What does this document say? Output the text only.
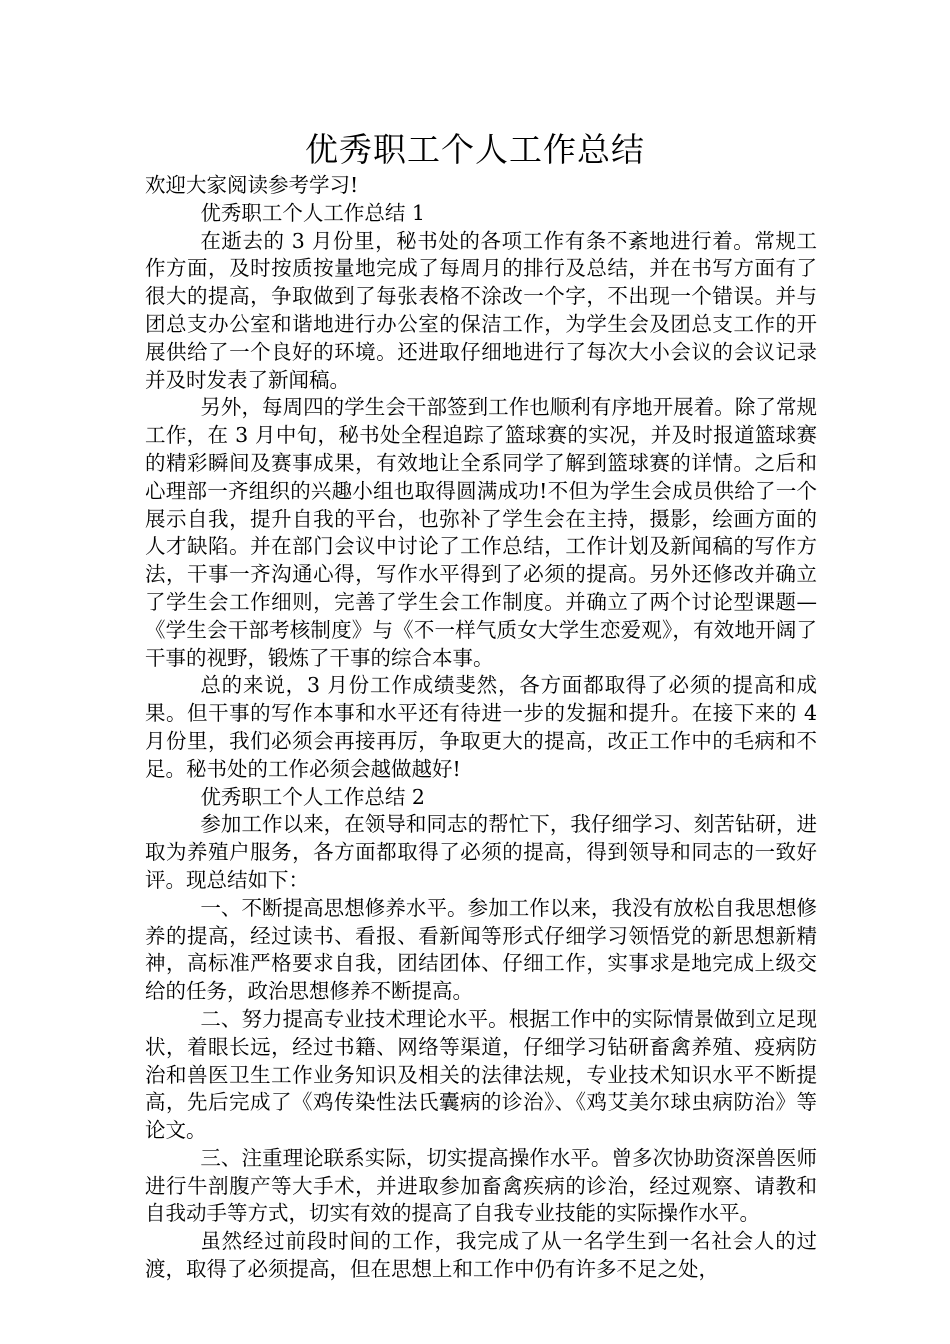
优秀职工个人工作总结

欢迎大家阅读参考学习!

优秀职工个人工作总结 1

在逝去的 3 月份里，秘书处的各项工作有条不紊地进行着。常规工作方面，及时按质按量地完成了每周月的排行及总结，并在书写方面有了很大的提高，争取做到了每张表格不涂改一个字，不出现一个错误。并与团总支办公室和谐地进行办公室的保洁工作，为学生会及团总支工作的开展供给了一个良好的环境。还进取仔细地进行了每次大小会议的会议记录并及时发表了新闻稿。

另外，每周四的学生会干部签到工作也顺利有序地开展着。除了常规工作，在 3 月中旬，秘书处全程追踪了篮球赛的实况，并及时报道篮球赛的精彩瞬间及赛事成果，有效地让全系同学了解到篮球赛的详情。之后和心理部一齐组织的兴趣小组也取得圆满成功!不但为学生会成员供给了一个展示自我，提升自我的平台，也弥补了学生会在主持，摄影，绘画方面的人才缺陷。并在部门会议中讨论了工作总结，工作计划及新闻稿的写作方法，干事一齐沟通心得，写作水平得到了必须的提高。另外还修改并确立了学生会工作细则，完善了学生会工作制度。并确立了两个讨论型课题—《学生会干部考核制度》与《不一样气质女大学生恋爱观》，有效地开阔了干事的视野，锻炼了干事的综合本事。

总的来说，3 月份工作成绩斐然，各方面都取得了必须的提高和成果。但干事的写作本事和水平还有待进一步的发掘和提升。在接下来的 4 月份里，我们必须会再接再厉，争取更大的提高，改正工作中的毛病和不足。秘书处的工作必须会越做越好!

优秀职工个人工作总结 2

参加工作以来，在领导和同志的帮忙下，我仔细学习、刻苦钻研，进取为养殖户服务，各方面都取得了必须的提高，得到领导和同志的一致好评。现总结如下：

一、不断提高思想修养水平。参加工作以来，我没有放松自我思想修养的提高，经过读书、看报、看新闻等形式仔细学习领悟党的新思想新精神，高标准严格要求自我，团结团体、仔细工作，实事求是地完成上级交给的任务，政治思想修养不断提高。

二、努力提高专业技术理论水平。根据工作中的实际情景做到立足现状，着眼长远，经过书籍、网络等渠道，仔细学习钻研畜禽养殖、疫病防治和兽医卫生工作业务知识及相关的法律法规，专业技术知识水平不断提高，先后完成了《鸡传染性法氏囊病的诊治》、《鸡艾美尔球虫病防治》等论文。

三、注重理论联系实际，切实提高操作水平。曾多次协助资深兽医师进行牛剖腹产等大手术，并进取参加畜禽疾病的诊治，经过观察、请教和自我动手等方式，切实有效的提高了自我专业技能的实际操作水平。

虽然经过前段时间的工作，我完成了从一名学生到一名社会人的过渡，取得了必须提高，但在思想上和工作中仍有许多不足之处，
